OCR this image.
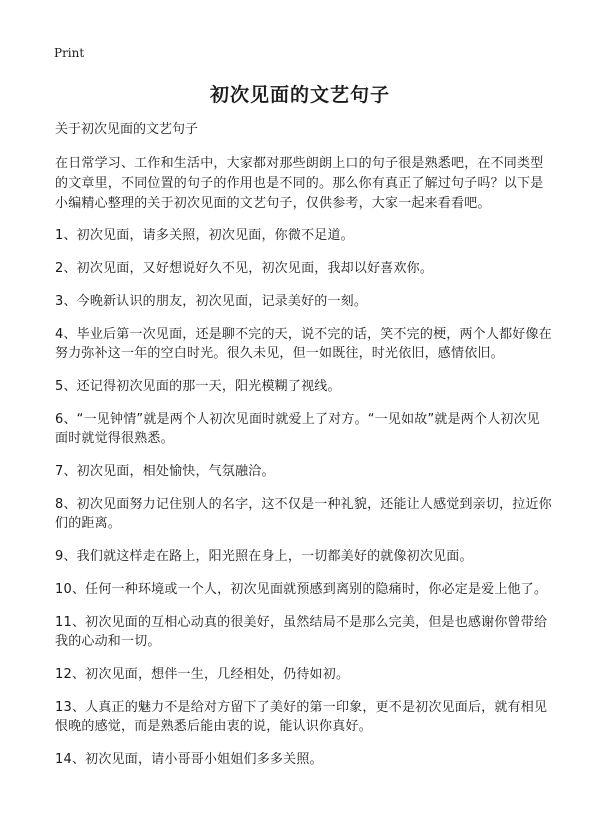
Print
初次见面的文艺句子

关于初次见面的文艺句子

在日常学习、工作和生活中，大家都对那些朗朗上口的句子很是熟悉吧，在不同类型的文章里，不同位置的句子的作用也是不同的。那么你有真正了解过句子吗？以下是小编精心整理的关于初次见面的文艺句子，仅供参考，大家一起来看看吧。

1、初次见面，请多关照，初次见面，你微不足道。
2、初次见面，又好想说好久不见，初次见面，我却以好喜欢你。
3、今晚新认识的朋友，初次见面，记录美好的一刻。
4、毕业后第一次见面，还是聊不完的天，说不完的话，笑不完的梗，两个人都好像在努力弥补这一年的空白时光。很久未见，但一如既往，时光依旧，感情依旧。
5、还记得初次见面的那一天，阳光模糊了视线。
6、“一见钟情”就是两个人初次见面时就爱上了对方。“一见如故”就是两个人初次见面时就觉得很熟悉。
7、初次见面，相处愉快，气氛融洽。
8、初次见面努力记住别人的名字，这不仅是一种礼貌，还能让人感觉到亲切，拉近你们的距离。
9、我们就这样走在路上，阳光照在身上，一切都美好的就像初次见面。
10、任何一种环境或一个人，初次见面就预感到离别的隐痛时，你必定是爱上他了。
11、初次见面的互相心动真的很美好，虽然结局不是那么完美，但是也感谢你曾带给我的心动和一切。
12、初次见面，想伴一生，几经相处，仍待如初。
13、人真正的魅力不是给对方留下了美好的第一印象，更不是初次见面后，就有相见恨晚的感觉，而是熟悉后能由衷的说，能认识你真好。
14、初次见面，请小哥哥小姐姐们多多关照。
